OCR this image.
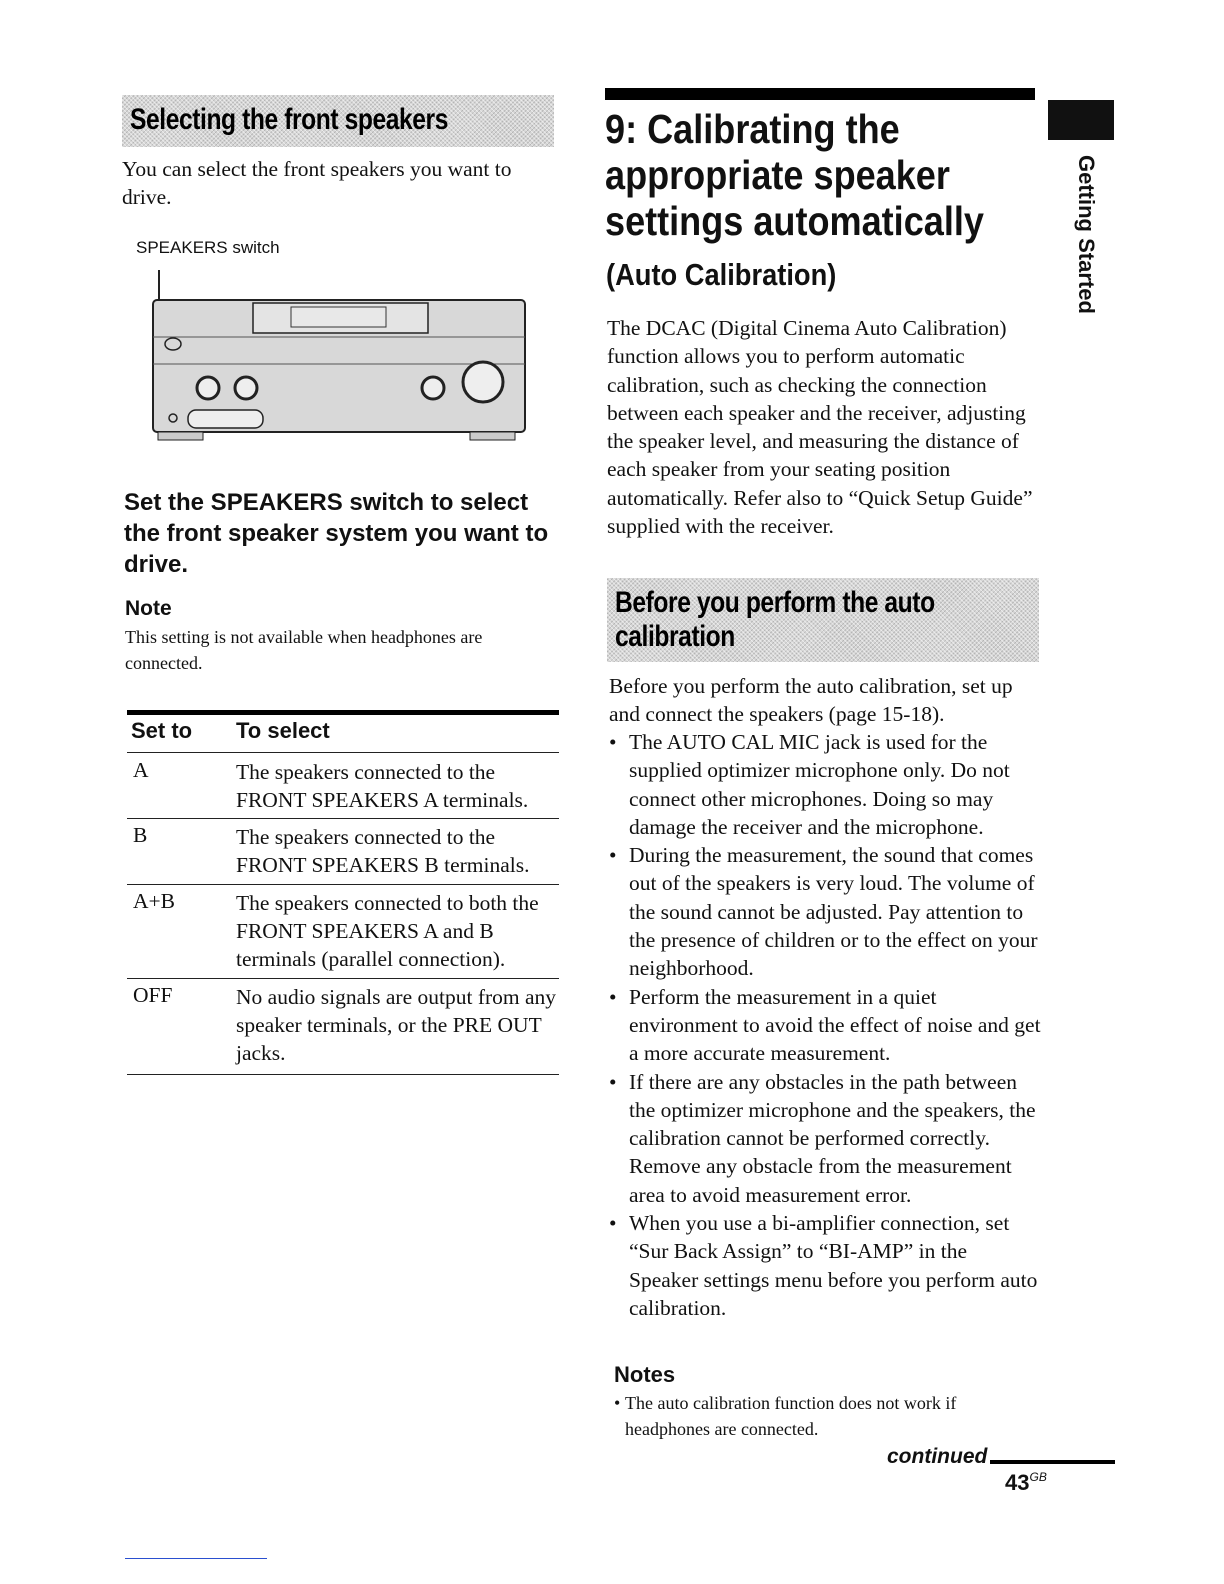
Selecting the front speakers
You can select the front speakers you want to drive.
SPEAKERS switch
Set the SPEAKERS switch to select the front speaker system you want to drive.
Note
This setting is not available when headphones are connected.
Set to To select
A	The speakers connected to the FRONT SPEAKERS A terminals.
B	The speakers connected to the FRONT SPEAKERS B terminals.
A+B	The speakers connected to both the FRONT SPEAKERS A and B terminals (parallel connection).
OFF	No audio signals are output from any speaker terminals, or the PRE OUT jacks.
9: Calibrating the
appropriate speaker
settings automatically
(Auto Calibration)
The DCAC (Digital Cinema Auto Calibration) function allows you to perform automatic calibration, such as checking the connection between each speaker and the receiver, adjusting the speaker level, and measuring the distance of each speaker from your seating position automatically. Refer also to “Quick Setup Guide” supplied with the receiver.
Before you perform the auto
calibration
Before you perform the auto calibration, set up and connect the speakers (page 15-18).
• The AUTO CAL MIC jack is used for the supplied optimizer microphone only. Do not connect other microphones. Doing so may damage the receiver and the microphone.
• During the measurement, the sound that comes out of the speakers is very loud. The volume of the sound cannot be adjusted. Pay attention to the presence of children or to the effect on your neighborhood.
• Perform the measurement in a quiet environment to avoid the effect of noise and get a more accurate measurement.
• If there are any obstacles in the path between the optimizer microphone and the speakers, the calibration cannot be performed correctly. Remove any obstacle from the measurement area to avoid measurement error.
• When you use a bi-amplifier connection, set “Sur Back Assign” to “BI-AMP” in the Speaker settings menu before you perform auto calibration.
Notes
• The auto calibration function does not work if headphones are connected.
Getting Started
continued
$43^{GB}$
